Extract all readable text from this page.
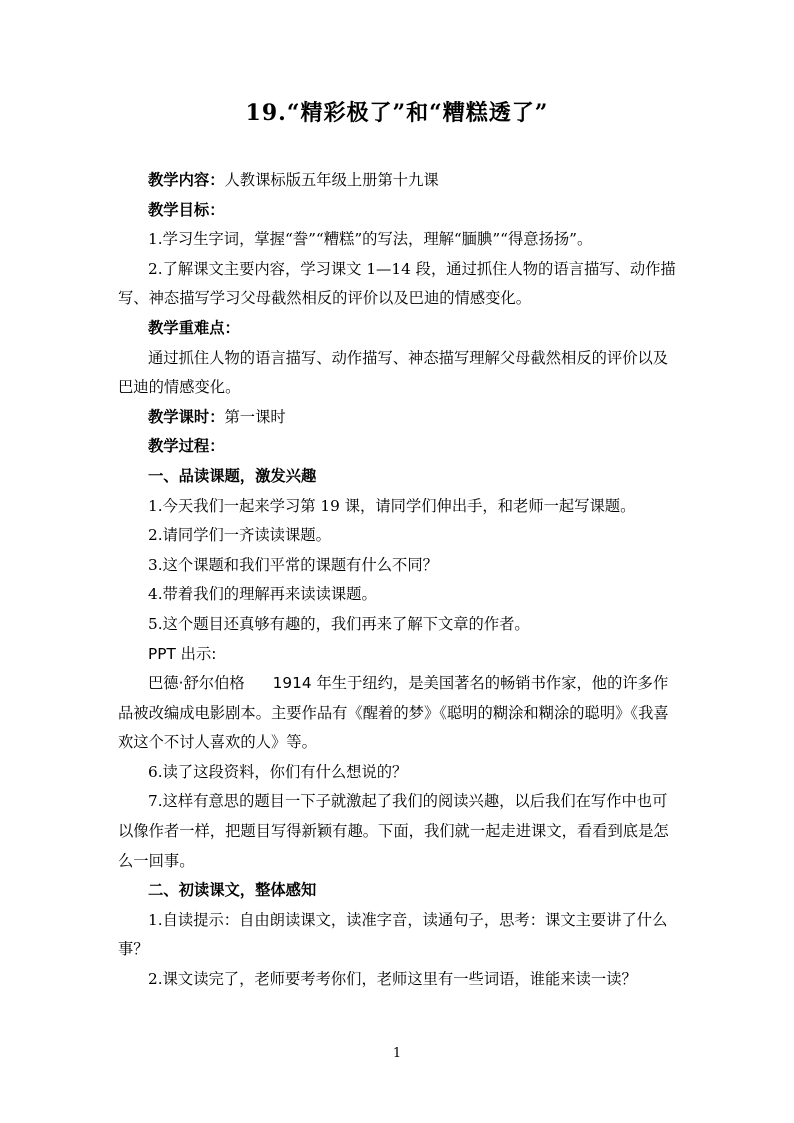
19.“精彩极了”和“糟糕透了”

教学内容：人教课标版五年级上册第十九课

教学目标：

1.学习生字词，掌握“誊”“糟糕”的写法，理解“腼腆”“得意扬扬”。

2.了解课文主要内容，学习课文 1—14 段，通过抓住人物的语言描写、动作描写、神态描写学习父母截然相反的评价以及巴迪的情感变化。

教学重难点：

通过抓住人物的语言描写、动作描写、神态描写理解父母截然相反的评价以及巴迪的情感变化。

教学课时：第一课时

教学过程：

一、品读课题，激发兴趣

1.今天我们一起来学习第 19 课，请同学们伸出手，和老师一起写课题。

2.请同学们一齐读读课题。

3.这个课题和我们平常的课题有什么不同？

4.带着我们的理解再来读读课题。

5.这个题目还真够有趣的，我们再来了解下文章的作者。

PPT 出示:

巴德·舒尔伯格 1914 年生于纽约，是美国著名的畅销书作家，他的许多作品被改编成电影剧本。主要作品有《醒着的梦》《聪明的糊涂和糊涂的聪明》《我喜欢这个不讨人喜欢的人》等。

6.读了这段资料，你们有什么想说的？

7.这样有意思的题目一下子就激起了我们的阅读兴趣，以后我们在写作中也可以像作者一样，把题目写得新颖有趣。下面，我们就一起走进课文，看看到底是怎么一回事。

二、初读课文，整体感知

1.自读提示：自由朗读课文，读准字音，读通句子，思考：课文主要讲了什么事？

2.课文读完了，老师要考考你们，老师这里有一些词语，谁能来读一读？

1
